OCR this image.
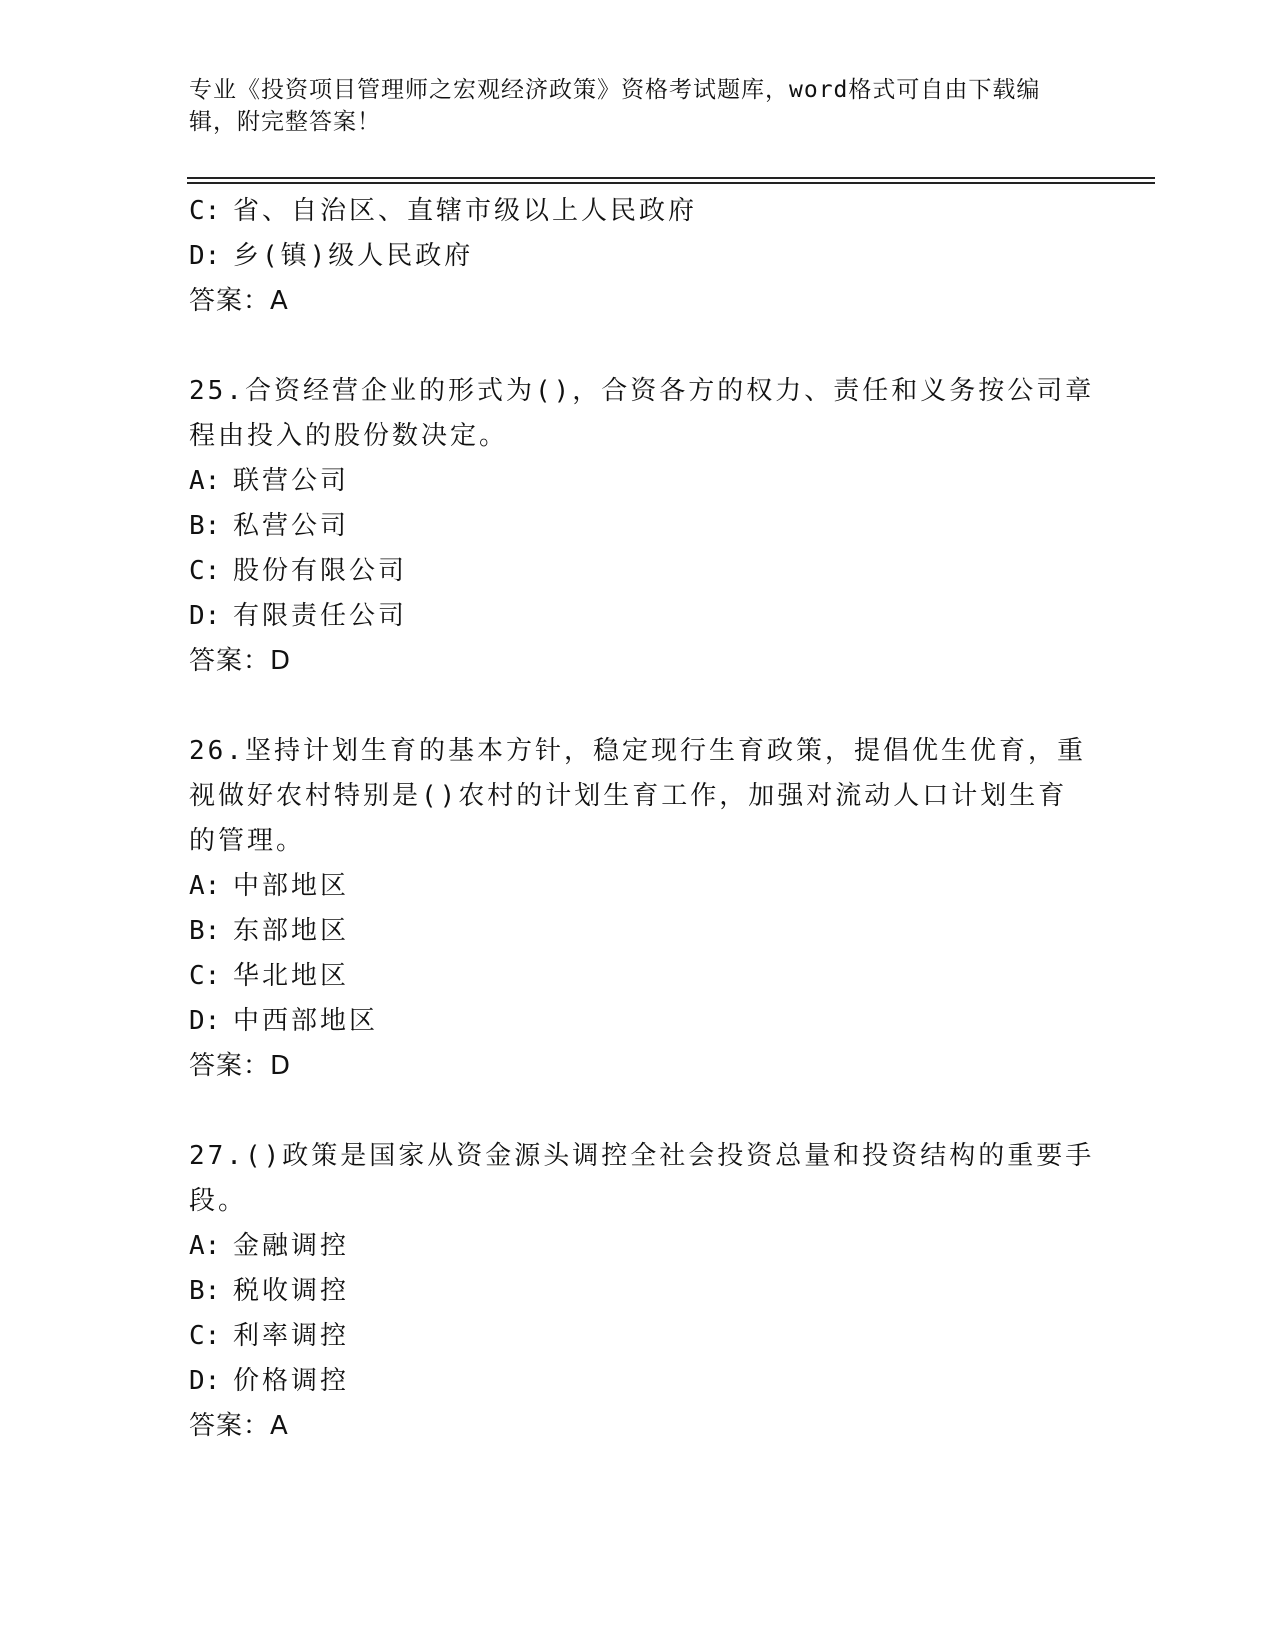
专业《投资项目管理师之宏观经济政策》资格考试题库，word格式可自由下载编
辑，附完整答案！
C: 省、自治区、直辖市级以上人民政府
D: 乡(镇)级人民政府
答案：A
25.合资经营企业的形式为()，合资各方的权力、责任和义务按公司章
程由投入的股份数决定。
A: 联营公司
B: 私营公司
C: 股份有限公司
D: 有限责任公司
答案：D
26.坚持计划生育的基本方针，稳定现行生育政策，提倡优生优育，重
视做好农村特别是()农村的计划生育工作，加强对流动人口计划生育
的管理。
A: 中部地区
B: 东部地区
C: 华北地区
D: 中西部地区
答案：D
27.()政策是国家从资金源头调控全社会投资总量和投资结构的重要手
段。
A: 金融调控
B: 税收调控
C: 利率调控
D: 价格调控
答案：A
